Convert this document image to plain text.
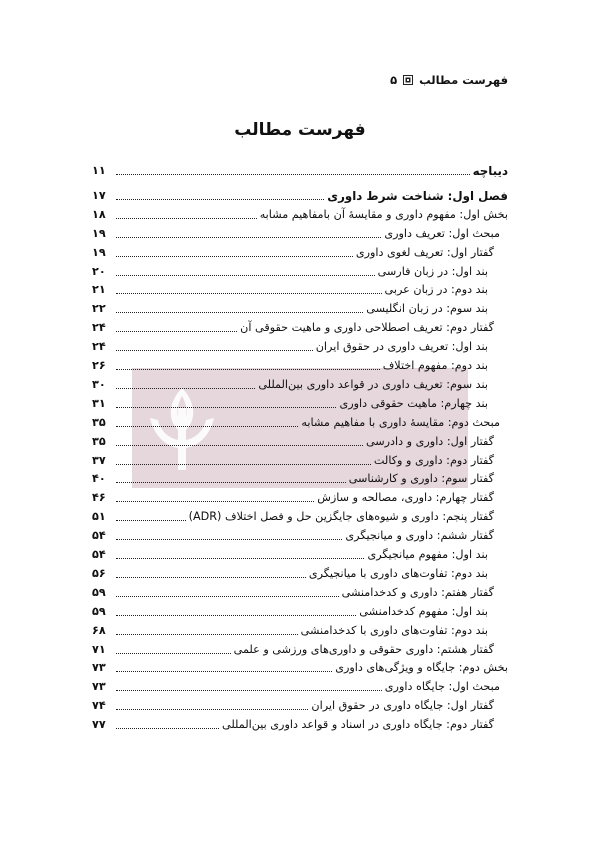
فهرست مطالب
۵
فهرست مطالب
دیباچه
۱۱
فصل اول: شناخت شرط داوری
۱۷
بخش اول: مفهوم داوری و مقایسهٔ آن بامفاهیم مشابه
۱۸
مبحث اول: تعریف داوری
۱۹
گفتار اول: تعریف لغوی داوری
۱۹
بند اول: در زبان فارسی
۲۰
بند دوم: در زبان عربی
۲۱
بند سوم: در زبان انگلیسی
۲۲
گفتار دوم: تعریف اصطلاحی داوری و ماهیت حقوقی آن
۲۴
بند اول: تعریف داوری در حقوق ایران
۲۴
بند دوم: مفهوم اختلاف
۲۶
بند سوم: تعریف داوری در قواعد داوری بین‌المللی
۳۰
بند چهارم: ماهیت حقوقی داوری
۳۱
مبحث دوم: مقایسهٔ داوری با مفاهیم مشابه
۳۵
گفتار اول: داوری و دادرسی
۳۵
گفتار دوم: داوری و وکالت
۳۷
گفتار سوم: داوری و کارشناسی
۴۰
گفتار چهارم: داوری، مصالحه و سازش
۴۶
گفتار پنجم: داوری و شیوه‌های جایگزین حل و فصل اختلاف (ADR)
۵۱
گفتار ششم: داوری و میانجیگری
۵۴
بند اول: مفهوم میانجیگری
۵۴
بند دوم: تفاوت‌های داوری با میانجیگری
۵۶
گفتار هفتم: داوری و کدخدامنشی
۵۹
بند اول: مفهوم کدخدامنشی
۵۹
بند دوم: تفاوت‌های داوری با کدخدامنشی
۶۸
گفتار هشتم: داوری حقوقی و داوری‌های ورزشی و علمی
۷۱
بخش دوم: جایگاه و ویژگی‌های داوری
۷۳
مبحث اول: جایگاه داوری
۷۳
گفتار اول: جایگاه داوری در حقوق ایران
۷۴
گفتار دوم: جایگاه داوری در اسناد و قواعد داوری بین‌المللی
۷۷
